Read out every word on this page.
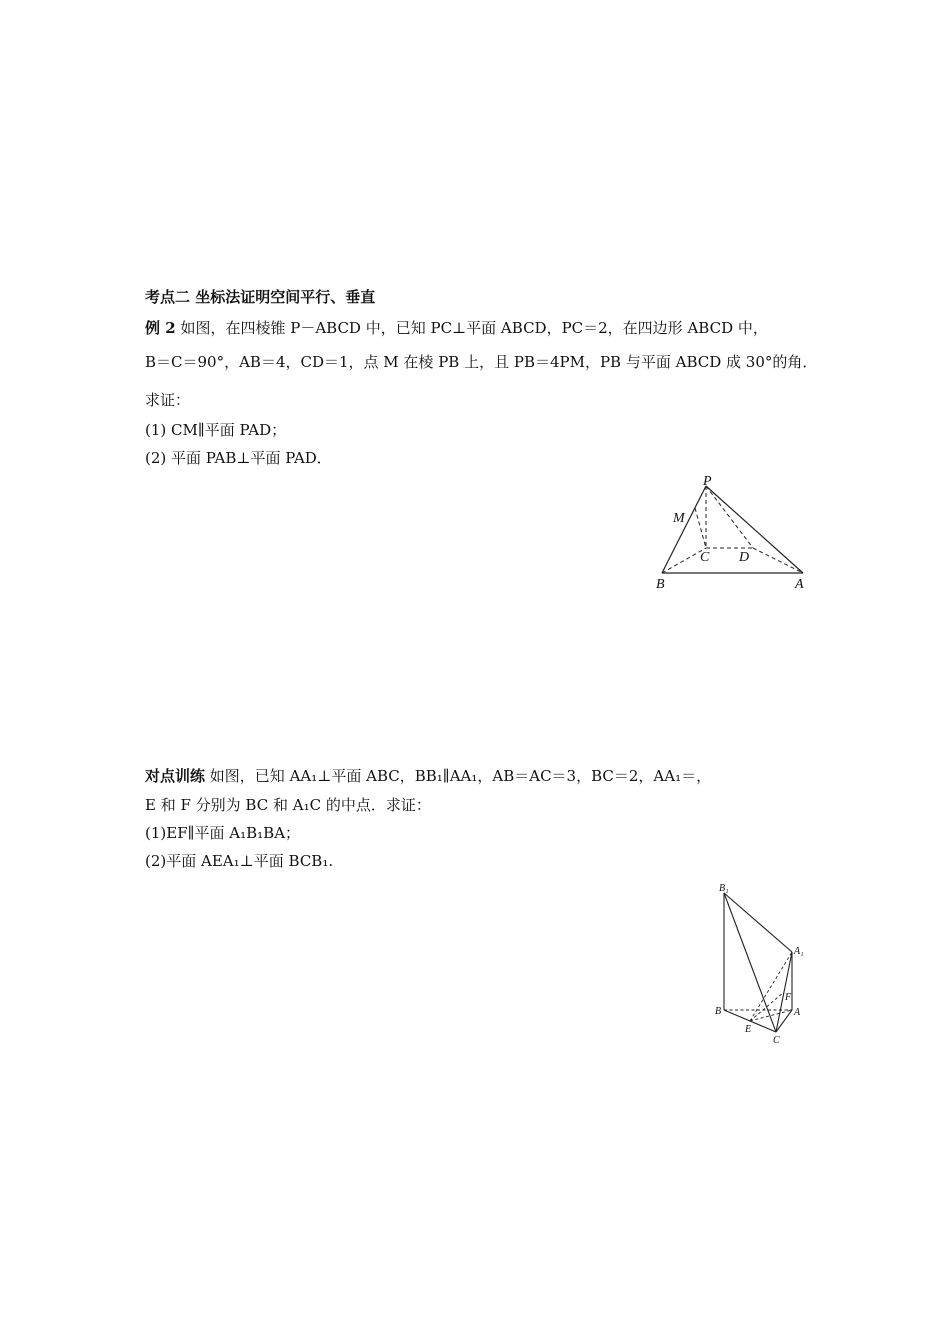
考点二 坐标法证明空间平行、垂直
例 2 如图，在四棱锥 P－ABCD 中，已知 PC⊥平面 ABCD，PC＝2，在四边形 ABCD 中，
B＝C＝90°，AB＝4，CD＝1，点 M 在棱 PB 上，且 PB＝4PM，PB 与平面 ABCD 成 30°的角．
求证：
(1) CM∥平面 PAD；
(2) 平面 PAB⊥平面 PAD．
P
M
C D
B	A
对点训练 如图，已知 AA₁⊥平面 ABC，BB₁∥AA₁，AB＝AC＝3，BC＝2，AA₁＝，
E 和 F 分别为 BC 和 A₁C 的中点．求证：
(1)EF∥平面 A₁B₁BA；
(2)平面 AEA₁⊥平面 BCB₁.
B₁
A₁
F
B	A
E
C
